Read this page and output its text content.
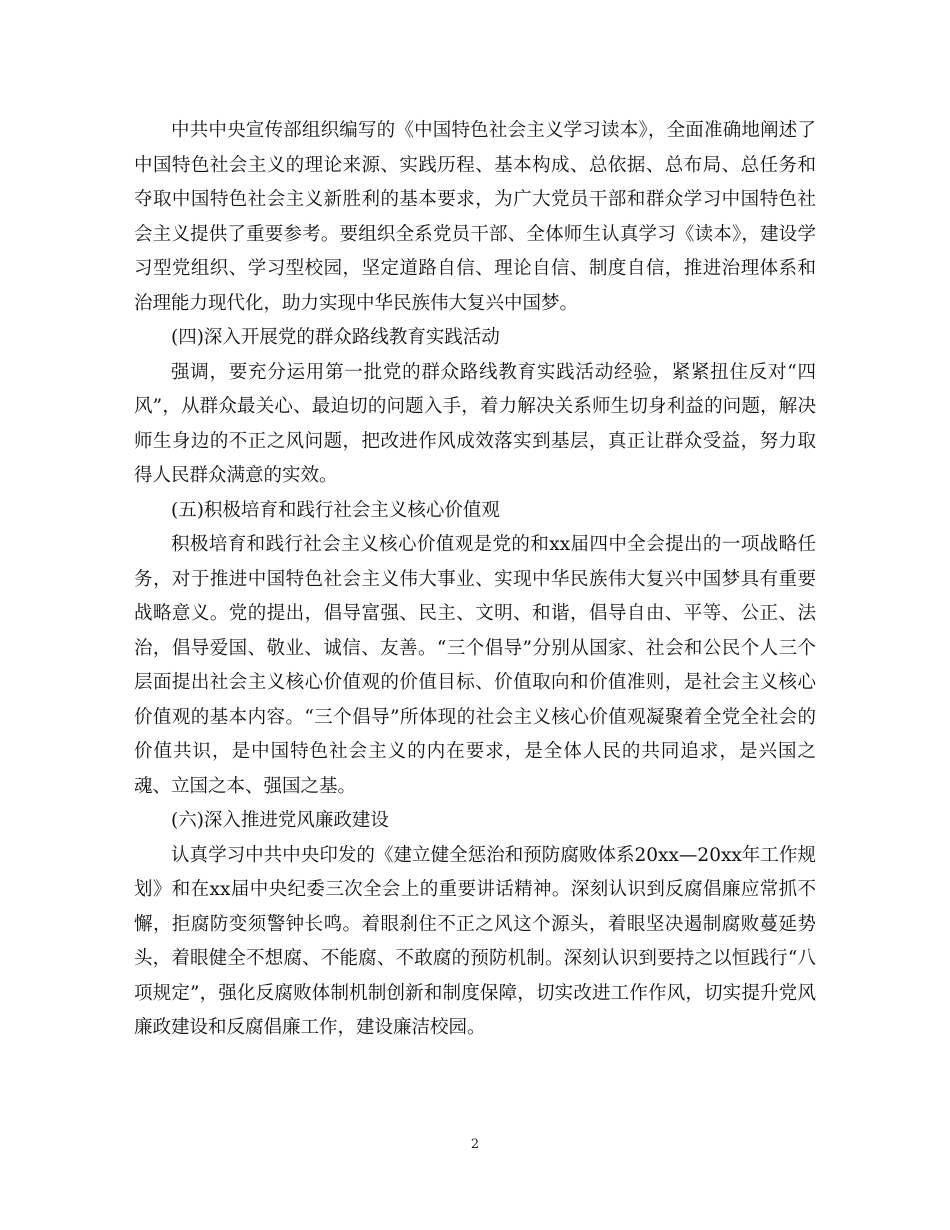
中共中央宣传部组织编写的《中国特色社会主义学习读本》，全面准确地阐述了中国特色社会主义的理论来源、实践历程、基本构成、总依据、总布局、总任务和夺取中国特色社会主义新胜利的基本要求，为广大党员干部和群众学习中国特色社会主义提供了重要参考。要组织全系党员干部、全体师生认真学习《读本》，建设学习型党组织、学习型校园，坚定道路自信、理论自信、制度自信，推进治理体系和治理能力现代化，助力实现中华民族伟大复兴中国梦。

(四)深入开展党的群众路线教育实践活动

强调，要充分运用第一批党的群众路线教育实践活动经验，紧紧扭住反对“四风”，从群众最关心、最迫切的问题入手，着力解决关系师生切身利益的问题，解决师生身边的不正之风问题，把改进作风成效落实到基层，真正让群众受益，努力取得人民群众满意的实效。

(五)积极培育和践行社会主义核心价值观

积极培育和践行社会主义核心价值观是党的和xx届四中全会提出的一项战略任务，对于推进中国特色社会主义伟大事业、实现中华民族伟大复兴中国梦具有重要战略意义。党的提出，倡导富强、民主、文明、和谐，倡导自由、平等、公正、法治，倡导爱国、敬业、诚信、友善。“三个倡导”分别从国家、社会和公民个人三个层面提出社会主义核心价值观的价值目标、价值取向和价值准则，是社会主义核心价值观的基本内容。“三个倡导”所体现的社会主义核心价值观凝聚着全党全社会的价值共识，是中国特色社会主义的内在要求，是全体人民的共同追求，是兴国之魂、立国之本、强国之基。

(六)深入推进党风廉政建设

认真学习中共中央印发的《建立健全惩治和预防腐败体系20xx—20xx年工作规划》和在xx届中央纪委三次全会上的重要讲话精神。深刻认识到反腐倡廉应常抓不懈，拒腐防变须警钟长鸣。着眼刹住不正之风这个源头，着眼坚决遏制腐败蔓延势头，着眼健全不想腐、不能腐、不敢腐的预防机制。深刻认识到要持之以恒践行“八项规定”，强化反腐败体制机制创新和制度保障，切实改进工作作风，切实提升党风廉政建设和反腐倡廉工作，建设廉洁校园。

2
